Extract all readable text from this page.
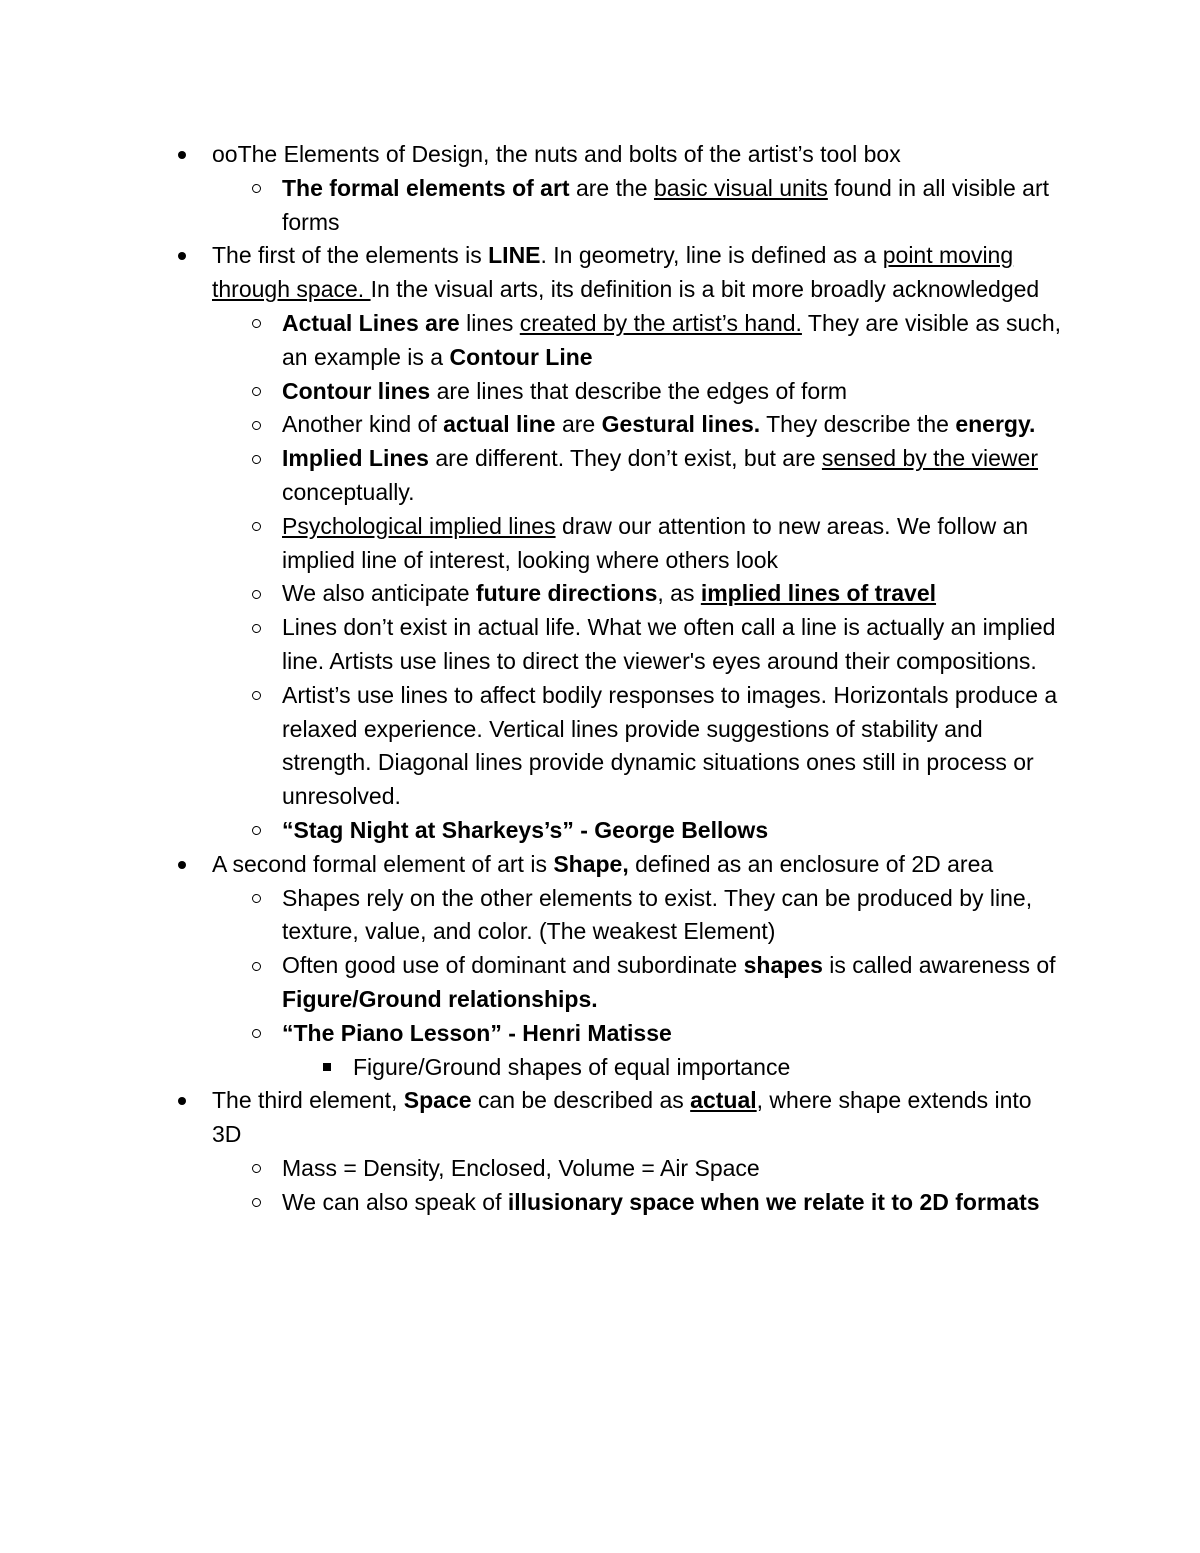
ooThe Elements of Design, the nuts and bolts of the artist’s tool box
The formal elements of art are the basic visual units found in all visible art forms
The first of the elements is LINE. In geometry, line is defined as a point moving through space. In the visual arts, its definition is a bit more broadly acknowledged
Actual Lines are lines created by the artist’s hand. They are visible as such, an example is a Contour Line
Contour lines are lines that describe the edges of form
Another kind of actual line are Gestural lines. They describe the energy.
Implied Lines are different. They don’t exist, but are sensed by the viewer conceptually.
Psychological implied lines draw our attention to new areas. We follow an implied line of interest, looking where others look
We also anticipate future directions, as implied lines of travel
Lines don’t exist in actual life. What we often call a line is actually an implied line. Artists use lines to direct the viewer's eyes around their compositions.
Artist’s use lines to affect bodily responses to images. Horizontals produce a relaxed experience. Vertical lines provide suggestions of stability and strength. Diagonal lines provide dynamic situations ones still in process or unresolved.
“Stag Night at Sharkeys’s” - George Bellows
A second formal element of art is Shape, defined as an enclosure of 2D area
Shapes rely on the other elements to exist. They can be produced by line, texture, value, and color. (The weakest Element)
Often good use of dominant and subordinate shapes is called awareness of Figure/Ground relationships.
“The Piano Lesson” - Henri Matisse
Figure/Ground shapes of equal importance
The third element, Space can be described as actual, where shape extends into 3D
Mass = Density, Enclosed, Volume = Air Space
We can also speak of illusionary space when we relate it to 2D formats
